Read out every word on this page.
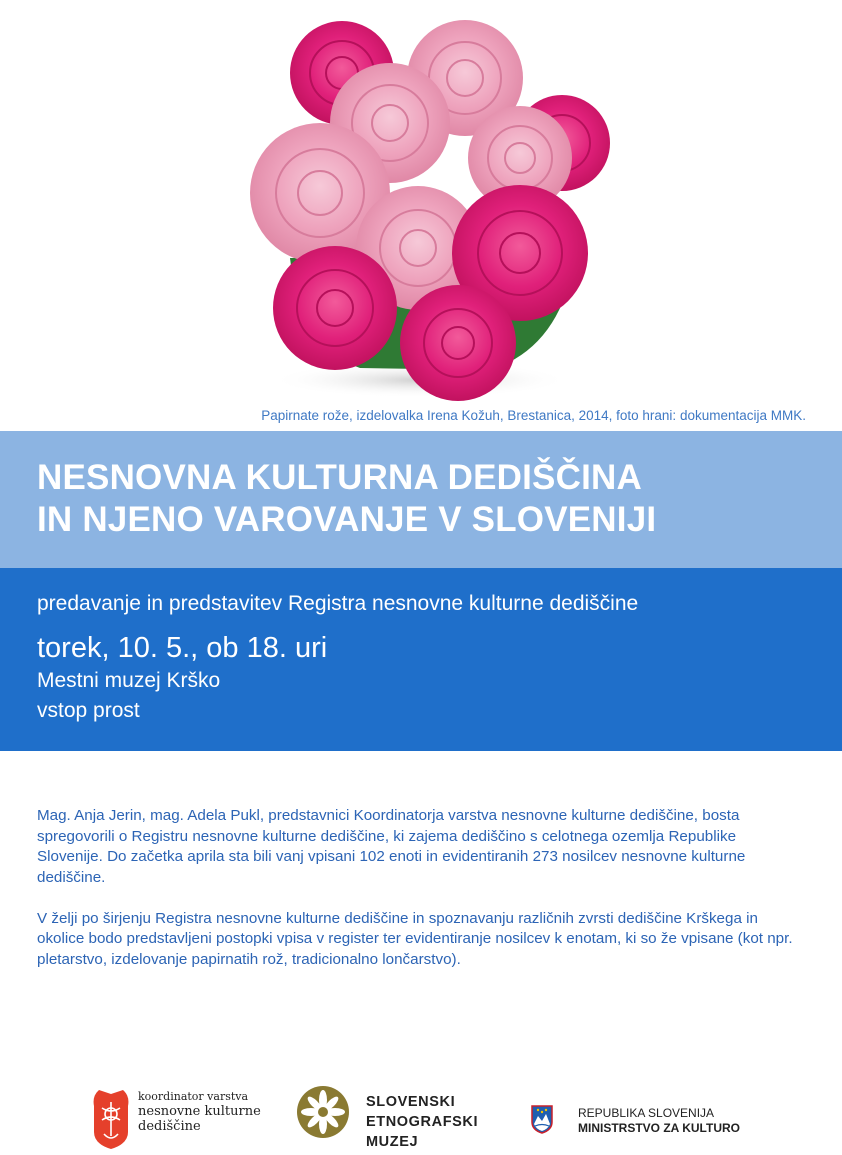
Papirnate rože, izdelovalka Irena Kožuh, Brestanica, 2014, foto hrani: dokumentacija MMK.
NESNOVNA KULTURNA DEDIŠČINA
IN NJENO VAROVANJE V SLOVENIJI
predavanje in predstavitev Registra nesnovne kulturne dediščine
torek, 10. 5., ob 18. uri
Mestni muzej Krško
vstop prost

Mag. Anja Jerin, mag. Adela Pukl, predstavnici Koordinatorja varstva nesnovne kulturne dediščine, bosta spregovorili o Registru nesnovne kulturne dediščine, ki zajema dediščino s celotnega ozemlja Republike Slovenije. Do začetka aprila sta bili vanj vpisani 102 enoti in evidentiranih 273 nosilcev nesnovne kulturne dediščine.

V želji po širjenju Registra nesnovne kulturne dediščine in spoznavanju različnih zvrsti dediščine Krškega in okolice bodo predstavljeni postopki vpisa v register ter evidentiranje nosilcev k enotam, ki so že vpisane (kot npr. pletarstvo, izdelovanje papirnatih rož, tradicionalno lončarstvo).

koordinator varstva
nesnovne kulturne
dediščine
SLOVENSKI
ETNOGRAFSKI
MUZEJ
REPUBLIKA SLOVENIJA
MINISTRSTVO ZA KULTURO
